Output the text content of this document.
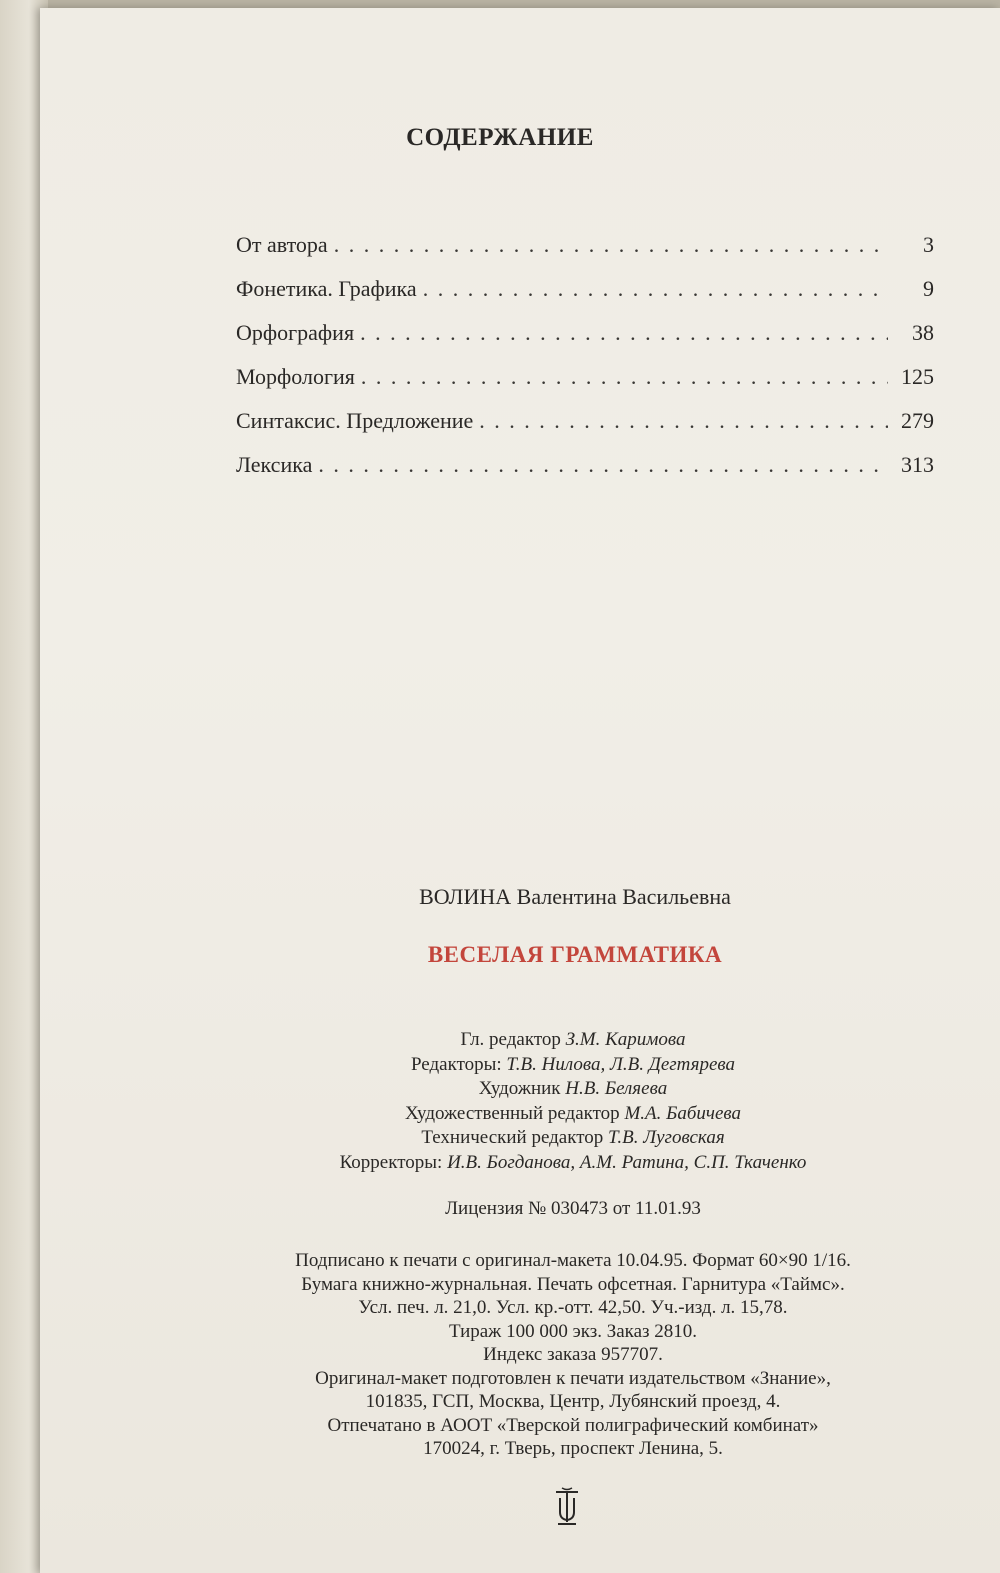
СОДЕРЖАНИЕ
От автора . . .	3
Фонетика. Графика . . .	9
Орфография . . .	38
Морфология . . .	125
Синтаксис. Предложение . . .	279
Лексика . . .	313
ВОЛИНА Валентина Васильевна
ВЕСЕЛАЯ ГРАММАТИКА
Гл. редактор З.М. Каримова
Редакторы: Т.В. Нилова, Л.В. Дегтярева
Художник Н.В. Беляева
Художественный редактор М.А. Бабичева
Технический редактор Т.В. Луговская
Корректоры: И.В. Богданова, А.М. Ратина, С.П. Ткаченко
Лицензия № 030473 от 11.01.93
Подписано к печати с оригинал-макета 10.04.95. Формат 60×90 1/16.
Бумага книжно-журнальная. Печать офсетная. Гарнитура «Таймс».
Усл. печ. л. 21,0. Усл. кр.-отт. 42,50. Уч.-изд. л. 15,78.
Тираж 100 000 экз. Заказ 2810.
Индекс заказа 957707.
Оригинал-макет подготовлен к печати издательством «Знание»,
101835, ГСП, Москва, Центр, Лубянский проезд, 4.
Отпечатано в АООТ «Тверской полиграфический комбинат»
170024, г. Тверь, проспект Ленина, 5.
